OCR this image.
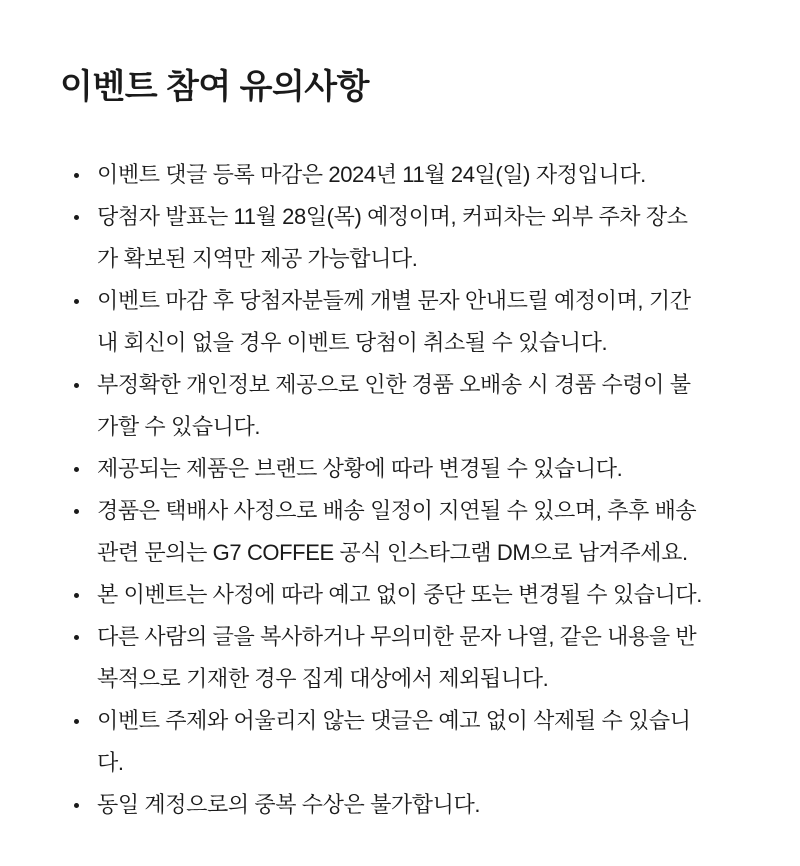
이벤트 참여 유의사항
이벤트 댓글 등록 마감은 2024년 11월 24일(일) 자정입니다.
당첨자 발표는 11월 28일(목) 예정이며, 커피차는 외부 주차 장소
가 확보된 지역만 제공 가능합니다.
이벤트 마감 후 당첨자분들께 개별 문자 안내드릴 예정이며, 기간
내 회신이 없을 경우 이벤트 당첨이 취소될 수 있습니다.
부정확한 개인정보 제공으로 인한 경품 오배송 시 경품 수령이 불
가할 수 있습니다.
제공되는 제품은 브랜드 상황에 따라 변경될 수 있습니다.
경품은 택배사 사정으로 배송 일정이 지연될 수 있으며, 추후 배송
관련 문의는 G7 COFFEE 공식 인스타그램 DM으로 남겨주세요.
본 이벤트는 사정에 따라 예고 없이 중단 또는 변경될 수 있습니다.
다른 사람의 글을 복사하거나 무의미한 문자 나열, 같은 내용을 반
복적으로 기재한 경우 집계 대상에서 제외됩니다.
이벤트 주제와 어울리지 않는 댓글은 예고 없이 삭제될 수 있습니
다.
동일 계정으로의 중복 수상은 불가합니다.
